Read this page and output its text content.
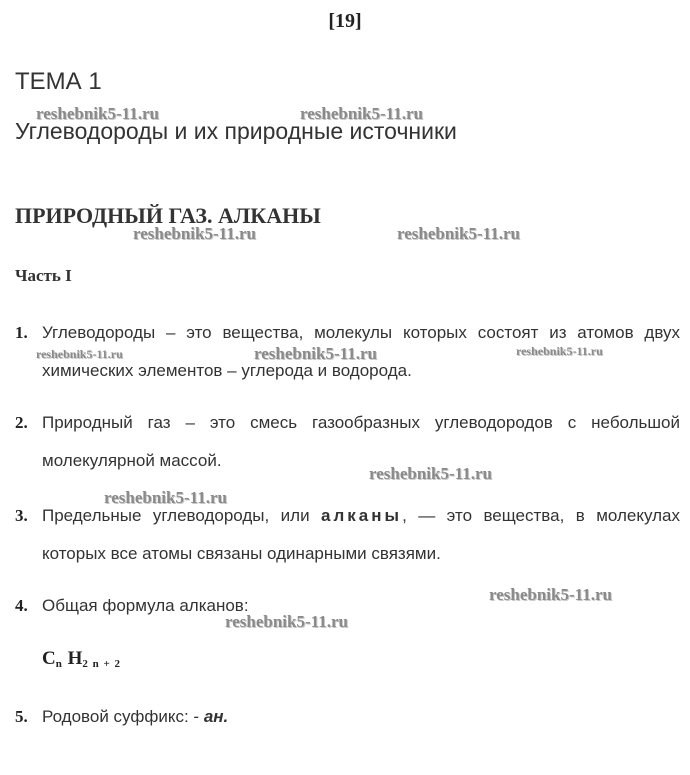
[19]
ТЕМА 1
Углеводороды и их природные источники
ПРИРОДНЫЙ ГАЗ. АЛКАНЫ
Часть I
1. Углеводороды – это вещества, молекулы которых состоят из атомов двух химических элементов – углерода и водорода.
2. Природный газ – это смесь газообразных углеводородов с небольшой молекулярной массой.
3. Предельные углеводороды, или алканы, — это вещества, в молекулах которых все атомы связаны одинарными связями.
4. Общая формула алканов:
$C_n$ $H_{2 n + 2}$
5. Родовой суффикс: - ан.
reshebnik5-11.ru	reshebnik5-11.ru
reshebnik5-11.ru	reshebnik5-11.ru
reshebnik5-11.ru	reshebnik5-11.ru	reshebnik5-11.ru
reshebnik5-11.ru
reshebnik5-11.ru
reshebnik5-11.ru
reshebnik5-11.ru
